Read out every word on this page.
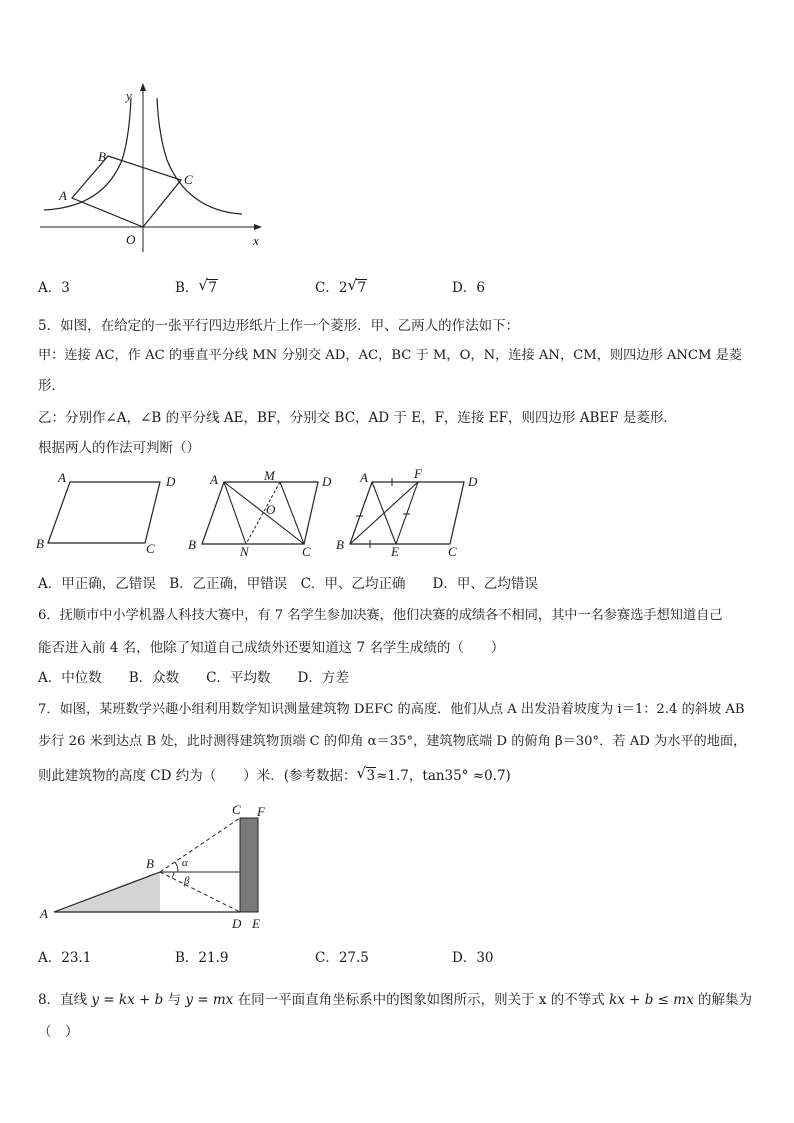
y
x
O
A
B
C
A．3	B． √ 7	C．2 √ 7	D．6
5．如图，在给定的一张平行四边形纸片上作一个菱形．甲、乙两人的作法如下：
甲：连接 AC，作 AC 的垂直平分线 MN 分别交 AD，AC，BC 于 M，O，N，连接 AN，CM，则四边形 ANCM 是菱
形．
乙：分别作∠A，∠B 的平分线 AE，BF，分别交 BC，AD 于 E，F，连接 EF，则四边形 ABEF 是菱形．
根据两人的作法可判断（）
A	D
B	C
A	M	D
O
B	N	C
A	F
D
B	E	C
A．甲正确，乙错误　B．乙正确，甲错误　C．甲、乙均正确　　D．甲、乙均错误
6．抚顺市中小学机器人科技大赛中，有 7 名学生参加决赛，他们决赛的成绩各不相同，其中一名参赛选手想知道自己
能否进入前 4 名，他除了知道自己成绩外还要知道这 7 名学生成绩的（　　）
A．中位数　　B．众数　　C．平均数　　D．方差
7．如图，某班数学兴趣小组利用数学知识测量建筑物 DEFC 的高度．他们从点 A 出发沿着坡度为 i＝1：2.4 的斜坡 AB
步行 26 米到达点 B 处，此时测得建筑物顶端 C 的仰角 α＝35°，建筑物底端 D 的俯角 β＝30°．若 AD 为水平的地面，
则此建筑物的高度 CD 约为（　　）米．(参考数据： √ 3≈1.7，tan35° ≈0.7)
A
B
C F
D E
α
β
A．23.1	B．21.9	C．27.5	D．30
8．直线 y = kx + b 与 y = mx 在同一平面直角坐标系中的图象如图所示，则关于 x 的不等式 kx + b ≤ mx 的解集为
（　）
